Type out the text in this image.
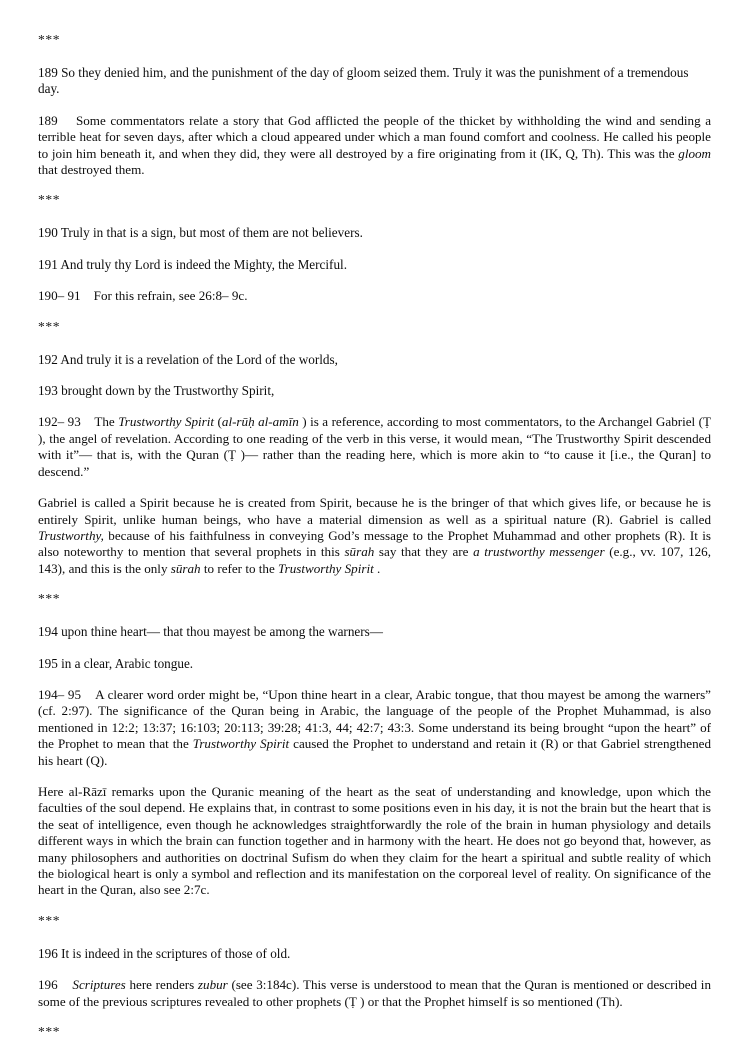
***

189 So they denied him, and the punishment of the day of gloom seized them. Truly it was the punishment of a tremendous day.

189 Some commentators relate a story that God afflicted the people of the thicket by withholding the wind and sending a terrible heat for seven days, after which a cloud appeared under which a man found comfort and coolness. He called his people to join him beneath it, and when they did, they were all destroyed by a fire originating from it (IK, Q, Th). This was the gloom that destroyed them.

***

190 Truly in that is a sign, but most of them are not believers.

191 And truly thy Lord is indeed the Mighty, the Merciful.

190– 91 For this refrain, see 26:8– 9c.

***

192 And truly it is a revelation of the Lord of the worlds,

193 brought down by the Trustworthy Spirit,

192– 93 The Trustworthy Spirit (al-rūḥ al-amīn ) is a reference, according to most commentators, to the Archangel Gabriel (Ṭ ), the angel of revelation. According to one reading of the verb in this verse, it would mean, “The Trustworthy Spirit descended with it”— that is, with the Quran (Ṭ )— rather than the reading here, which is more akin to “to cause it [i.e., the Quran] to descend.”

Gabriel is called a Spirit because he is created from Spirit, because he is the bringer of that which gives life, or because he is entirely Spirit, unlike human beings, who have a material dimension as well as a spiritual nature (R). Gabriel is called Trustworthy, because of his faithfulness in conveying God’s message to the Prophet Muhammad and other prophets (R). It is also noteworthy to mention that several prophets in this sūrah say that they are a trustworthy messenger (e.g., vv. 107, 126, 143), and this is the only sūrah to refer to the Trustworthy Spirit .

***

194 upon thine heart— that thou mayest be among the warners—

195 in a clear, Arabic tongue.

194– 95 A clearer word order might be, “Upon thine heart in a clear, Arabic tongue, that thou mayest be among the warners” (cf. 2:97). The significance of the Quran being in Arabic, the language of the people of the Prophet Muhammad, is also mentioned in 12:2; 13:37; 16:103; 20:113; 39:28; 41:3, 44; 42:7; 43:3. Some understand its being brought “upon the heart” of the Prophet to mean that the Trustworthy Spirit caused the Prophet to understand and retain it (R) or that Gabriel strengthened his heart (Q).

Here al-Rāzī remarks upon the Quranic meaning of the heart as the seat of understanding and knowledge, upon which the faculties of the soul depend. He explains that, in contrast to some positions even in his day, it is not the brain but the heart that is the seat of intelligence, even though he acknowledges straightforwardly the role of the brain in human physiology and details different ways in which the brain can function together and in harmony with the heart. He does not go beyond that, however, as many philosophers and authorities on doctrinal Sufism do when they claim for the heart a spiritual and subtle reality of which the biological heart is only a symbol and reflection and its manifestation on the corporeal level of reality. On significance of the heart in the Quran, also see 2:7c.

***

196 It is indeed in the scriptures of those of old.

196 Scriptures here renders zubur (see 3:184c). This verse is understood to mean that the Quran is mentioned or described in some of the previous scriptures revealed to other prophets (Ṭ ) or that the Prophet himself is so mentioned (Th).

***
